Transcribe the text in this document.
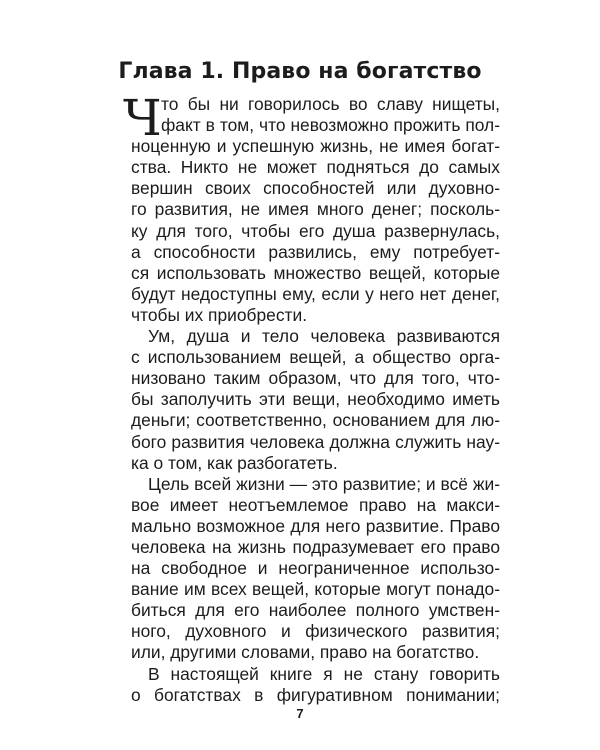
Глава 1. Право на богатство
Ч то бы ни говорилось во славу нищеты,
факт в том, что невозможно прожить пол-
ноценную и успешную жизнь, не имея богат-
ства. Никто не может подняться до самых
вершин своих способностей или духовно-
го развития, не имея много денег; посколь-
ку для того, чтобы его душа развернулась,
а способности развились, ему потребует-
ся использовать множество вещей, которые
будут недоступны ему, если у него нет денег,
чтобы их приобрести.
Ум, душа и тело человека развиваются
с использованием вещей, а общество орга-
низовано таким образом, что для того, что-
бы заполучить эти вещи, необходимо иметь
деньги; соответственно, основанием для лю-
бого развития человека должна служить нау-
ка о том, как разбогатеть.
Цель всей жизни — это развитие; и всё жи-
вое имеет неотъемлемое право на макси-
мально возможное для него развитие. Право
человека на жизнь подразумевает его право
на свободное и неограниченное использо-
вание им всех вещей, которые могут понадо-
биться для его наиболее полного умствен-
ного, духовного и физического развития;
или, другими словами, право на богатство.
В настоящей книге я не стану говорить
о богатствах в фигуративном понимании;
7
